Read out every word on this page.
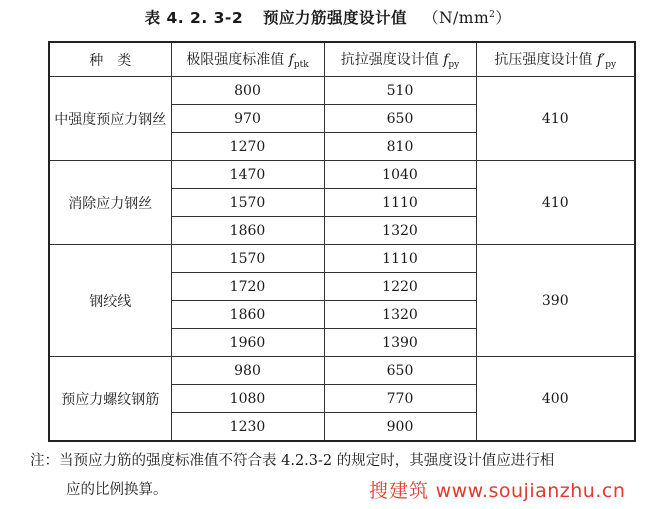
表 4. 2. 3-2 预应力筋强度设计值 $(N/mm^2)$
种　类	极限强度标准值 $f_{ptk}$	抗拉强度设计值 $f_{py}$	抗压强度设计值 $f'_{py}$
中强度预应力钢丝	800	510	410
	970	650	
	1270	810	
消除应力钢丝	1470	1040	410
	1570	1110	
	1860	1320	
钢绞线	1570	1110	390
	1720	1220	
	1860	1320	
	1960	1390	
预应力螺纹钢筋	980	650	400
	1080	770	
	1230	900	
注：当预应力筋的强度标准值不符合表 4.2.3-2 的规定时，其强度设计值应进行相
应的比例换算。	搜建筑 www.soujianzhu.cn
